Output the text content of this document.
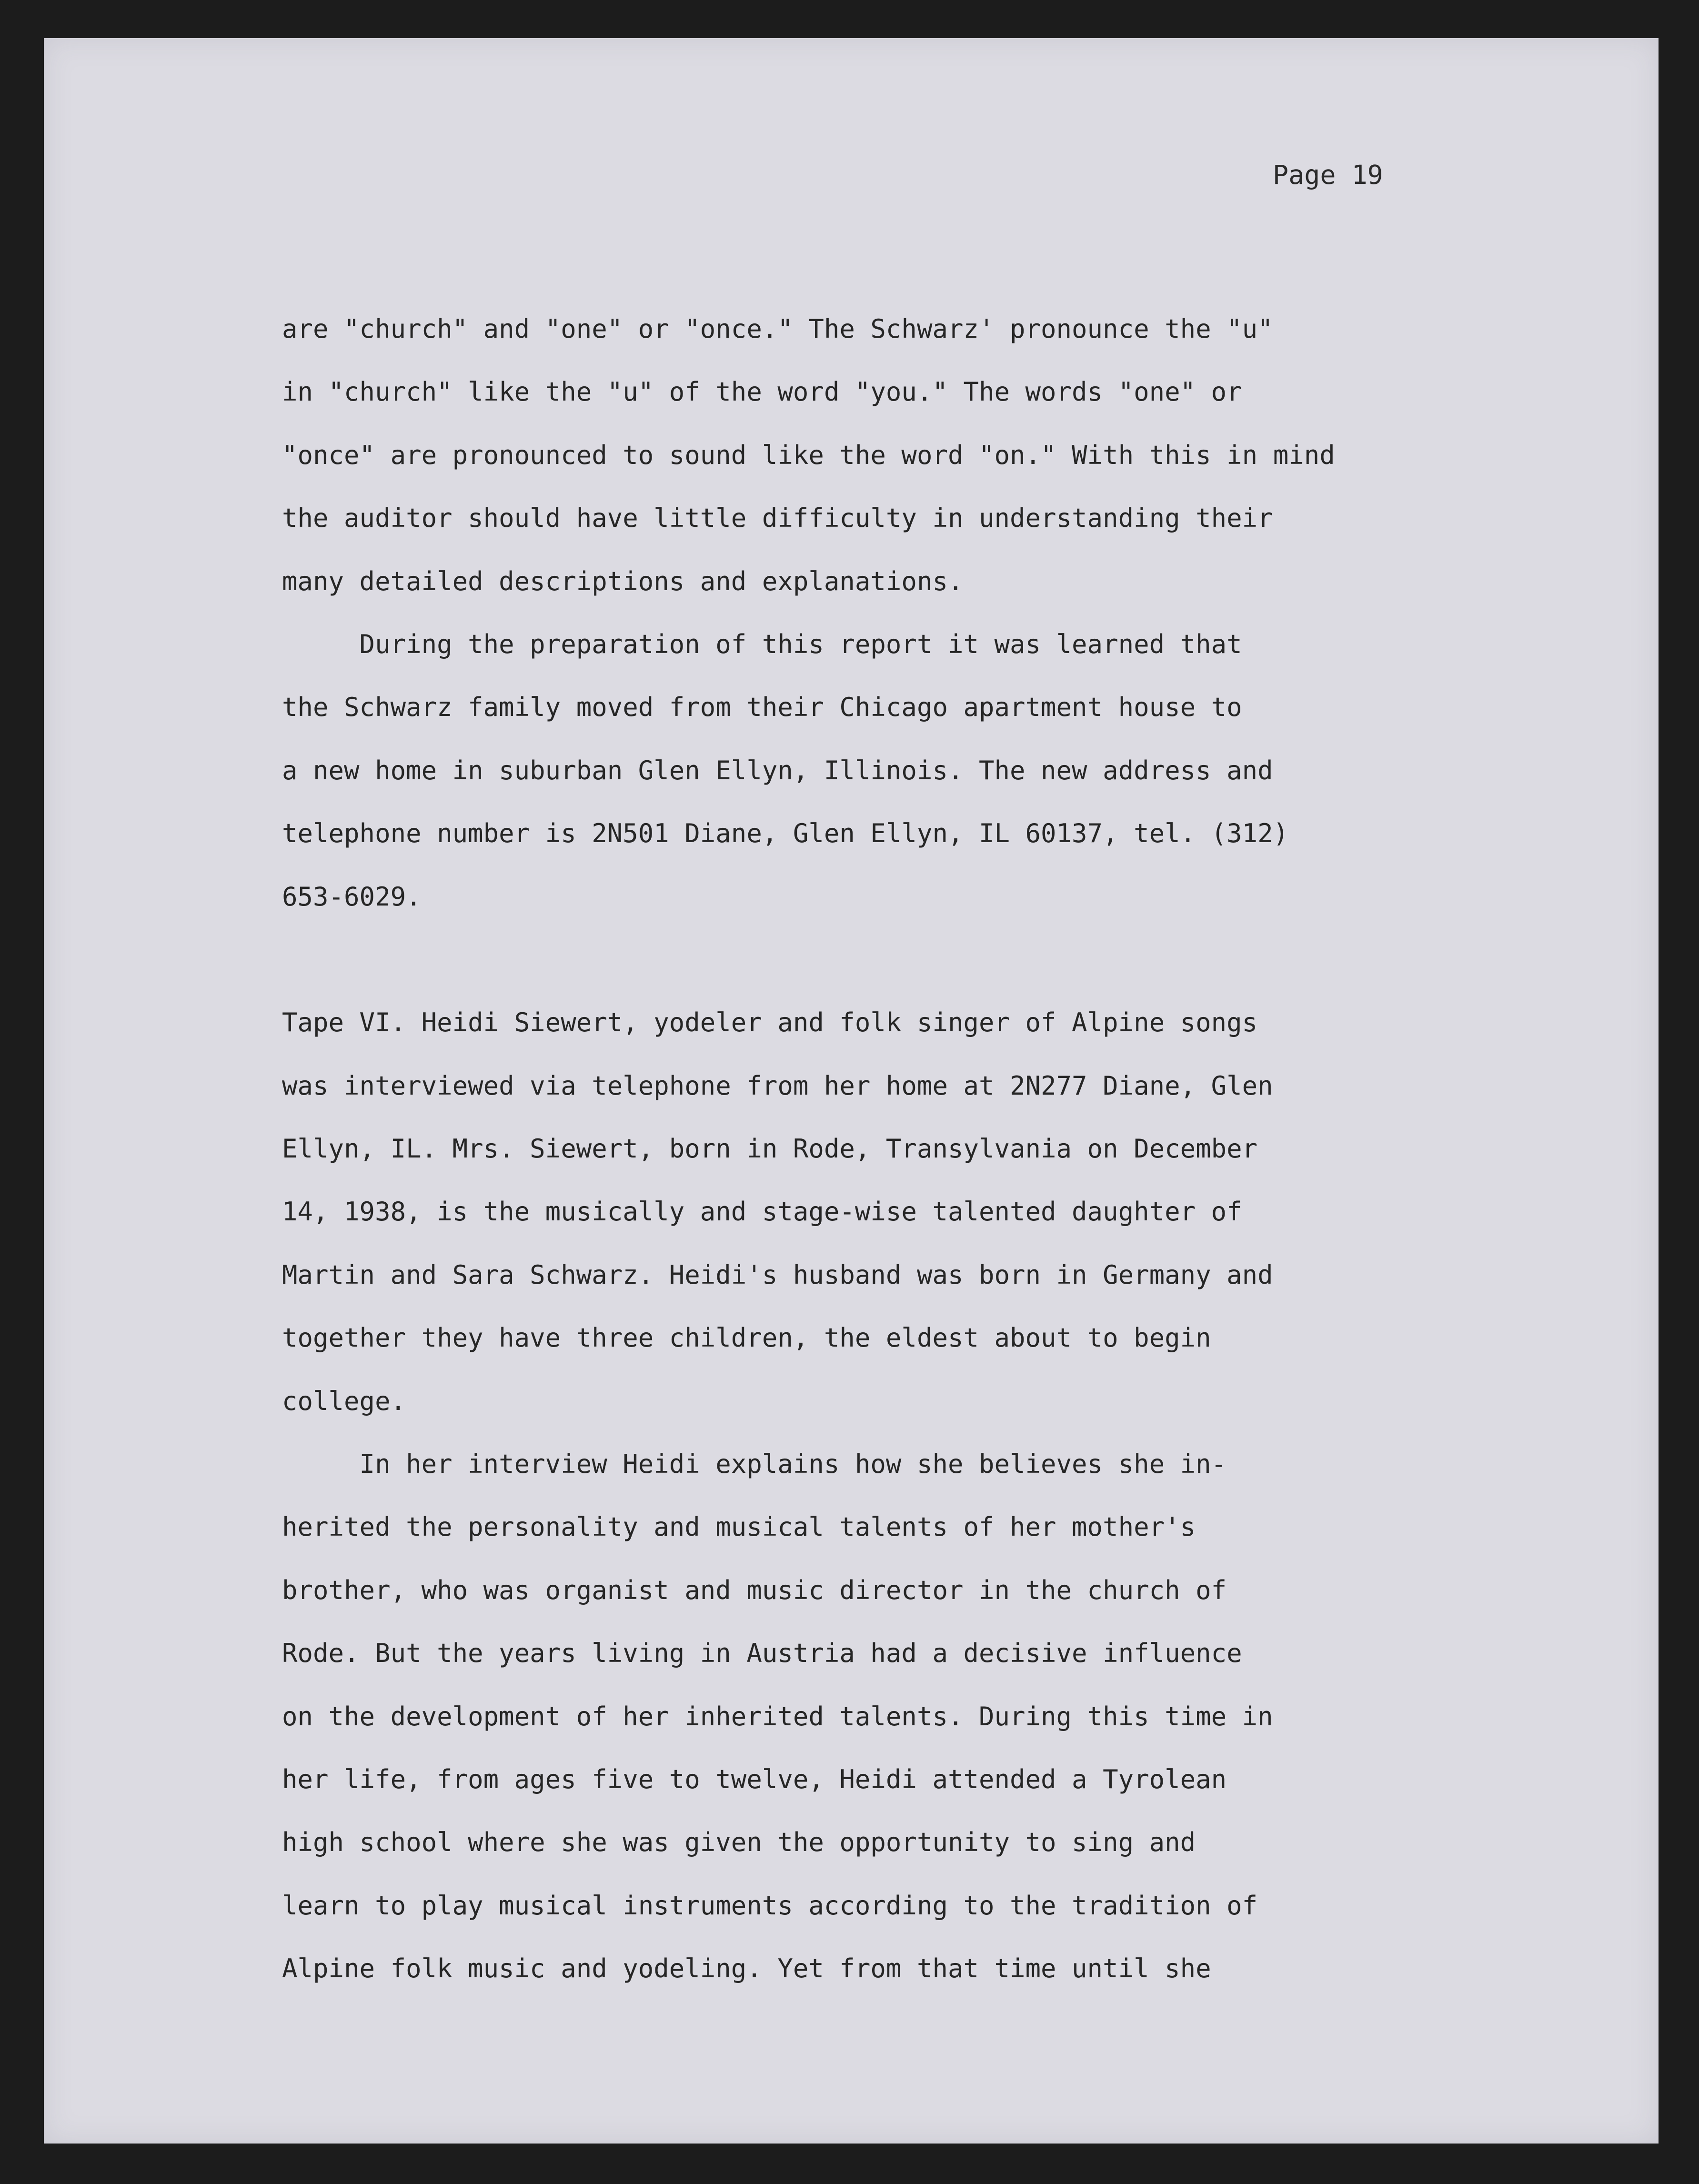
Page 19
are "church" and "one" or "once." The Schwarz' pronounce the "u"
in "church" like the "u" of the word "you." The words "one" or
"once" are pronounced to sound like the word "on." With this in mind
the auditor should have little difficulty in understanding their
many detailed descriptions and explanations.
During the preparation of this report it was learned that
the Schwarz family moved from their Chicago apartment house to
a new home in suburban Glen Ellyn, Illinois. The new address and
telephone number is 2N501 Diane, Glen Ellyn, IL 60137, tel. (312)
653-6029.
Tape VI. Heidi Siewert, yodeler and folk singer of Alpine songs
was interviewed via telephone from her home at 2N277 Diane, Glen
Ellyn, IL. Mrs. Siewert, born in Rode, Transylvania on December
14, 1938, is the musically and stage-wise talented daughter of
Martin and Sara Schwarz. Heidi's husband was born in Germany and
together they have three children, the eldest about to begin
college.
In her interview Heidi explains how she believes she in-
herited the personality and musical talents of her mother's
brother, who was organist and music director in the church of
Rode. But the years living in Austria had a decisive influence
on the development of her inherited talents. During this time in
her life, from ages five to twelve, Heidi attended a Tyrolean
high school where she was given the opportunity to sing and
learn to play musical instruments according to the tradition of
Alpine folk music and yodeling. Yet from that time until she
